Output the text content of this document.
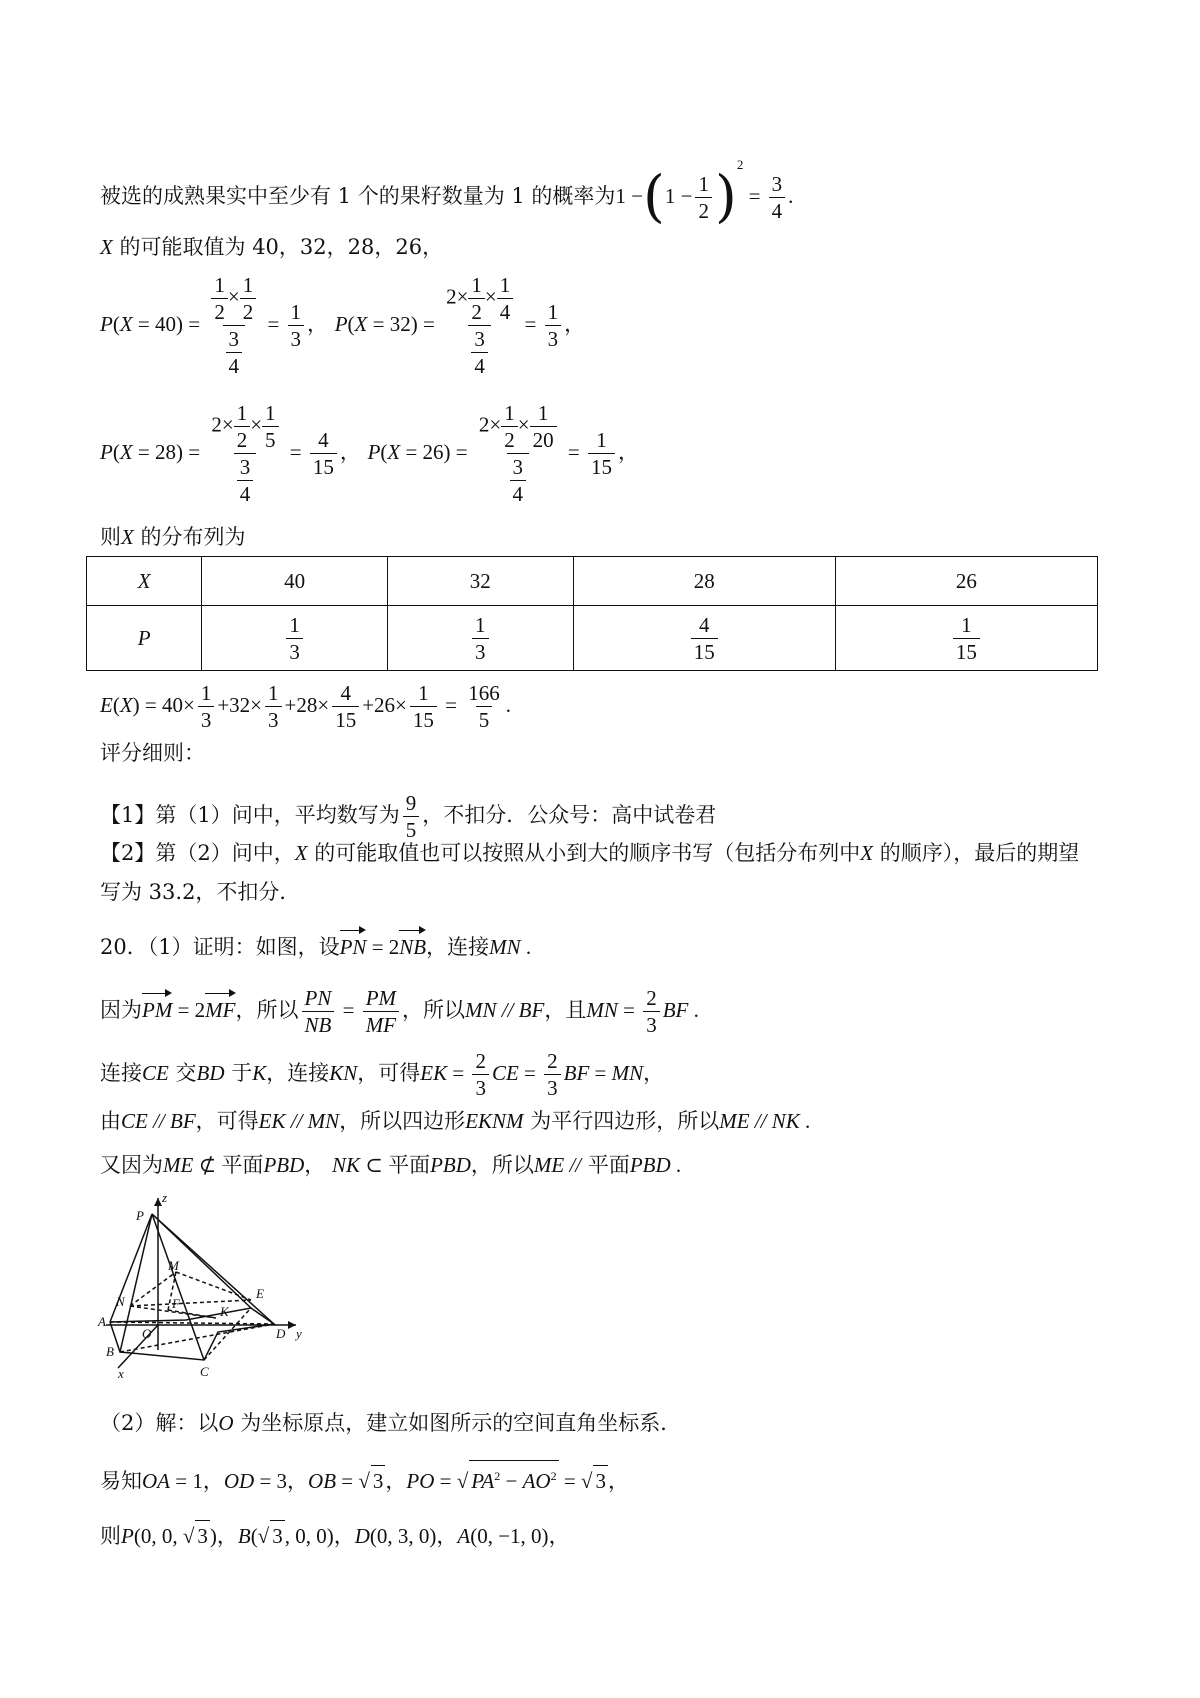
被选的成熟果实中至少有 1 个的果籽数量为 1 的概率为$1 -(1 - \frac{1}{2} )^2 = \frac{3}{4}$ .
X 的可能取值为 40，32，28，26，
$P(X = 40) = \frac{\frac{1}{2} \times \frac{1}{2}}{\frac{3}{4}} = \frac{1}{3}$ ， $P(X = 32) = \frac{2\times \frac{1}{2} \times \frac{1}{4}}{\frac{3}{4}} = \frac{1}{3}$ ，
$P(X = 28) = \frac{2\times \frac{1}{2} \times \frac{1}{5}}{\frac{3}{4}} = \frac{4}{15}$ ， $P(X = 26) = \frac{2\times \frac{1}{2} \times \frac{1}{20}}{\frac{3}{4}} = \frac{1}{15}$ ，
则X 的分布列为
X	40	32	28	26
P	$\frac{1}{3}$	$\frac{1}{3}$	$\frac{4}{15}$	$\frac{1}{15}$
$E(X) = 40\times \frac{1}{3} +32\times \frac{1}{3} +28\times \frac{4}{15} +26\times \frac{1}{15} = \frac{166}{5}$ .
评分细则：
【1】第（1）问中，平均数写为 $\frac{9}{5}$ ，不扣分．公众号：高中试卷君
【2】第（2）问中，X 的可能取值也可以按照从小到大的顺序书写（包括分布列中X 的顺序），最后的期望
写为 33.2，不扣分．
20．（1）证明：如图，设PN = 2NB，连接MN .
因为PM = 2MF，所以 $\frac{PN}{NB} = \frac{PM}{MF}$ ，所以MN // BF，且MN = $\frac{2}{3}$ BF .
连接CE 交BD 于K，连接KN，可得EK = $\frac{2}{3}$ CE = $\frac{2}{3}$ BF = MN，
由CE // BF，可得EK // MN，所以四边形EKNM 为平行四边形，所以ME // NK .
又因为ME ⊄ 平面PBD， NK ⊂ 平面PBD，所以ME // 平面PBD .
P
z
M
E
N	F
K
A
O	D y
B
C
x
（2）解：以O 为坐标原点，建立如图所示的空间直角坐标系．
易知OA = 1，OD = 3，OB = √ 3，PO = √ $PA^2 - AO^2$ = √ 3，
则P(0, 0, √ 3)，B(√ 3, 0, 0)，D(0, 3, 0)，A(0, −1, 0)，
